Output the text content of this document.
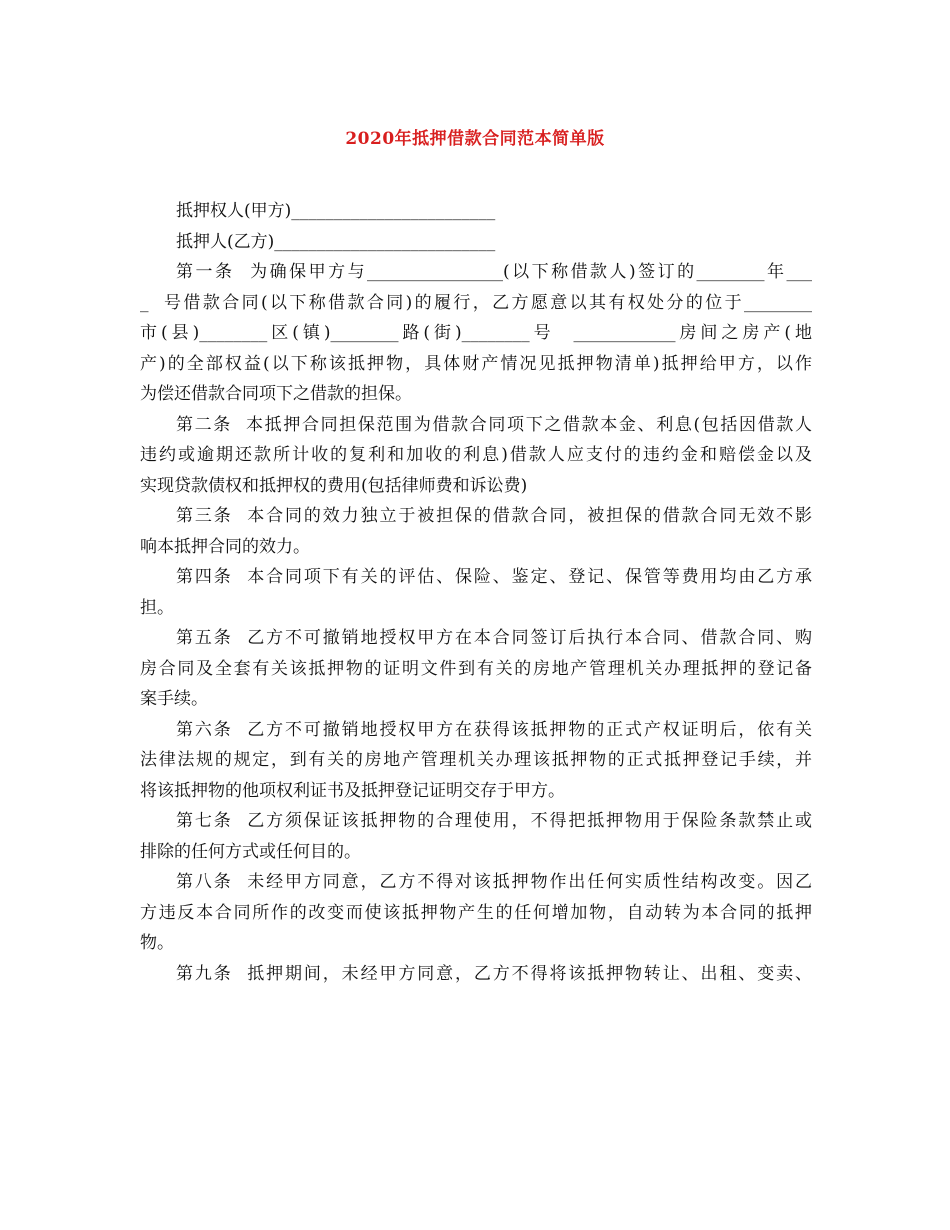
2020年抵押借款合同范本简单版
抵押权人(甲方)________________________
抵押人(乙方)__________________________
第一条  为确保甲方与________________(以下称借款人)签订的________年___
_  号借款合同(以下称借款合同)的履行，乙方愿意以其有权处分的位于________
市(县)________区(镇)________路(街)________号  ____________房间之房产(地
产)的全部权益(以下称该抵押物，具体财产情况见抵押物清单)抵押给甲方，以作
为偿还借款合同项下之借款的担保。
第二条  本抵押合同担保范围为借款合同项下之借款本金、利息(包括因借款人
违约或逾期还款所计收的复利和加收的利息)借款人应支付的违约金和赔偿金以及
实现贷款债权和抵押权的费用(包括律师费和诉讼费)
第三条  本合同的效力独立于被担保的借款合同，被担保的借款合同无效不影
响本抵押合同的效力。
第四条  本合同项下有关的评估、保险、鉴定、登记、保管等费用均由乙方承
担。
第五条  乙方不可撤销地授权甲方在本合同签订后执行本合同、借款合同、购
房合同及全套有关该抵押物的证明文件到有关的房地产管理机关办理抵押的登记备
案手续。
第六条  乙方不可撤销地授权甲方在获得该抵押物的正式产权证明后，依有关
法律法规的规定，到有关的房地产管理机关办理该抵押物的正式抵押登记手续，并
将该抵押物的他项权利证书及抵押登记证明交存于甲方。
第七条  乙方须保证该抵押物的合理使用，不得把抵押物用于保险条款禁止或
排除的任何方式或任何目的。
第八条  未经甲方同意，乙方不得对该抵押物作出任何实质性结构改变。因乙
方违反本合同所作的改变而使该抵押物产生的任何增加物，自动转为本合同的抵押
物。
第九条  抵押期间，未经甲方同意，乙方不得将该抵押物转让、出租、变卖、
